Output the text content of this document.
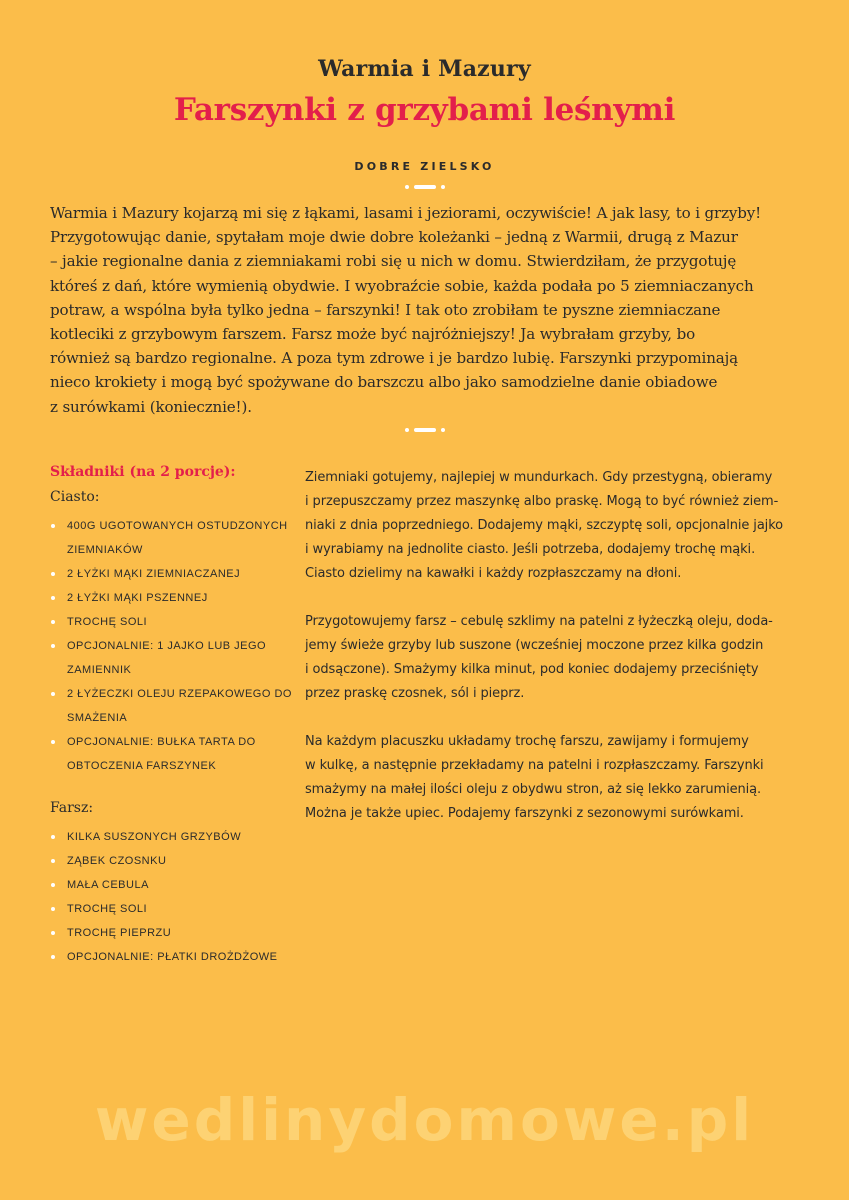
Warmia i Mazury
Farszynki z grzybami leśnymi
DOBRE ZIELSKO
Warmia i Mazury kojarzą mi się z łąkami, lasami i jeziorami, oczywiście! A jak lasy, to i grzyby!
Przygotowując danie, spytałam moje dwie dobre koleżanki – jedną z Warmii, drugą z Mazur
– jakie regionalne dania z ziemniakami robi się u nich w domu. Stwierdziłam, że przygotuję
któreś z dań, które wymienią obydwie. I wyobraźcie sobie, każda podała po 5 ziemniaczanych
potraw, a wspólna była tylko jedna – farszynki! I tak oto zrobiłam te pyszne ziemniaczane
kotleciki z grzybowym farszem. Farsz może być najróżniejszy! Ja wybrałam grzyby, bo
również są bardzo regionalne. A poza tym zdrowe i je bardzo lubię. Farszynki przypominają
nieco krokiety i mogą być spożywane do barszczu albo jako samodzielne danie obiadowe
z surówkami (koniecznie!).
Składniki (na 2 porcje):
Ciasto:
400G UGOTOWANYCH OSTUDZONYCH
ZIEMNIAKÓW
2 ŁYŻKI MĄKI ZIEMNIACZANEJ
2 ŁYŻKI MĄKI PSZENNEJ
TROCHĘ SOLI
OPCJONALNIE: 1 JAJKO LUB JEGO
ZAMIENNIK
2 ŁYŻECZKI OLEJU RZEPAKOWEGO DO
SMAŻENIA
OPCJONALNIE: BUŁKA TARTA DO
OBTOCZENIA FARSZYNEK
Farsz:
KILKA SUSZONYCH GRZYBÓW
ZĄBEK CZOSNKU
MAŁA CEBULA
TROCHĘ SOLI
TROCHĘ PIEPRZU
OPCJONALNIE: PŁATKI DROŻDŻOWE

Ziemniaki gotujemy, najlepiej w mundurkach. Gdy przestygną, obieramy
i przepuszczamy przez maszynkę albo praskę. Mogą to być również ziem-
niaki z dnia poprzedniego. Dodajemy mąki, szczyptę soli, opcjonalnie jajko
i wyrabiamy na jednolite ciasto. Jeśli potrzeba, dodajemy trochę mąki.
Ciasto dzielimy na kawałki i każdy rozpłaszczamy na dłoni.

Przygotowujemy farsz – cebulę szklimy na patelni z łyżeczką oleju, doda-
jemy świeże grzyby lub suszone (wcześniej moczone przez kilka godzin
i odsączone). Smażymy kilka minut, pod koniec dodajemy przeciśnięty
przez praskę czosnek, sól i pieprz.

Na każdym placuszku układamy trochę farszu, zawijamy i formujemy
w kulkę, a następnie przekładamy na patelni i rozpłaszczamy. Farszynki
smażymy na małej ilości oleju z obydwu stron, aż się lekko zarumienią.
Można je także upiec. Podajemy farszynki z sezonowymi surówkami.

wedlinydomowe.pl
